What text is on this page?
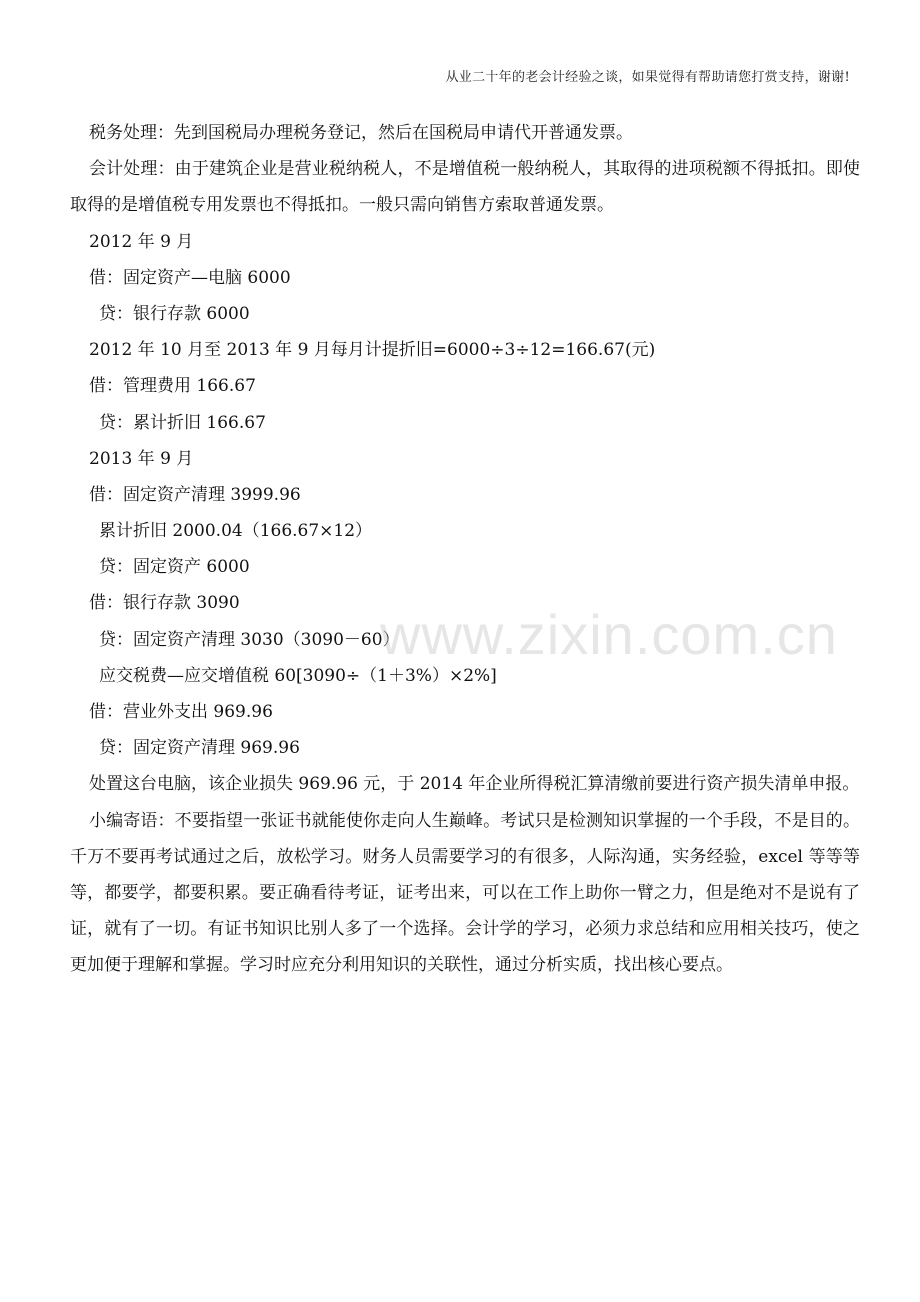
从业二十年的老会计经验之谈，如果觉得有帮助请您打赏支持，谢谢!
税务处理：先到国税局办理税务登记，然后在国税局申请代开普通发票。
会计处理：由于建筑企业是营业税纳税人，不是增值税一般纳税人，其取得的进项税额不得抵扣。即使取得的是增值税专用发票也不得抵扣。一般只需向销售方索取普通发票。
2012 年 9 月
借：固定资产—电脑 6000
贷：银行存款 6000
2012 年 10 月至 2013 年 9 月每月计提折旧=6000÷3÷12=166.67(元)
借：管理费用 166.67
贷：累计折旧 166.67
2013 年 9 月
借：固定资产清理 3999.96
累计折旧 2000.04（166.67×12）
贷：固定资产 6000
借：银行存款 3090
贷：固定资产清理 3030（3090－60）
应交税费—应交增值税 60[3090÷（1＋3%）×2%]
借：营业外支出 969.96
贷：固定资产清理 969.96
处置这台电脑，该企业损失 969.96 元，于 2014 年企业所得税汇算清缴前要进行资产损失清单申报。
小编寄语：不要指望一张证书就能使你走向人生巅峰。考试只是检测知识掌握的一个手段，不是目的。千万不要再考试通过之后，放松学习。财务人员需要学习的有很多，人际沟通，实务经验，excel 等等等等，都要学，都要积累。要正确看待考证，证考出来，可以在工作上助你一臂之力，但是绝对不是说有了证，就有了一切。有证书知识比别人多了一个选择。会计学的学习，必须力求总结和应用相关技巧，使之更加便于理解和掌握。学习时应充分利用知识的关联性，通过分析实质，找出核心要点。
www.zixin.com.cn
